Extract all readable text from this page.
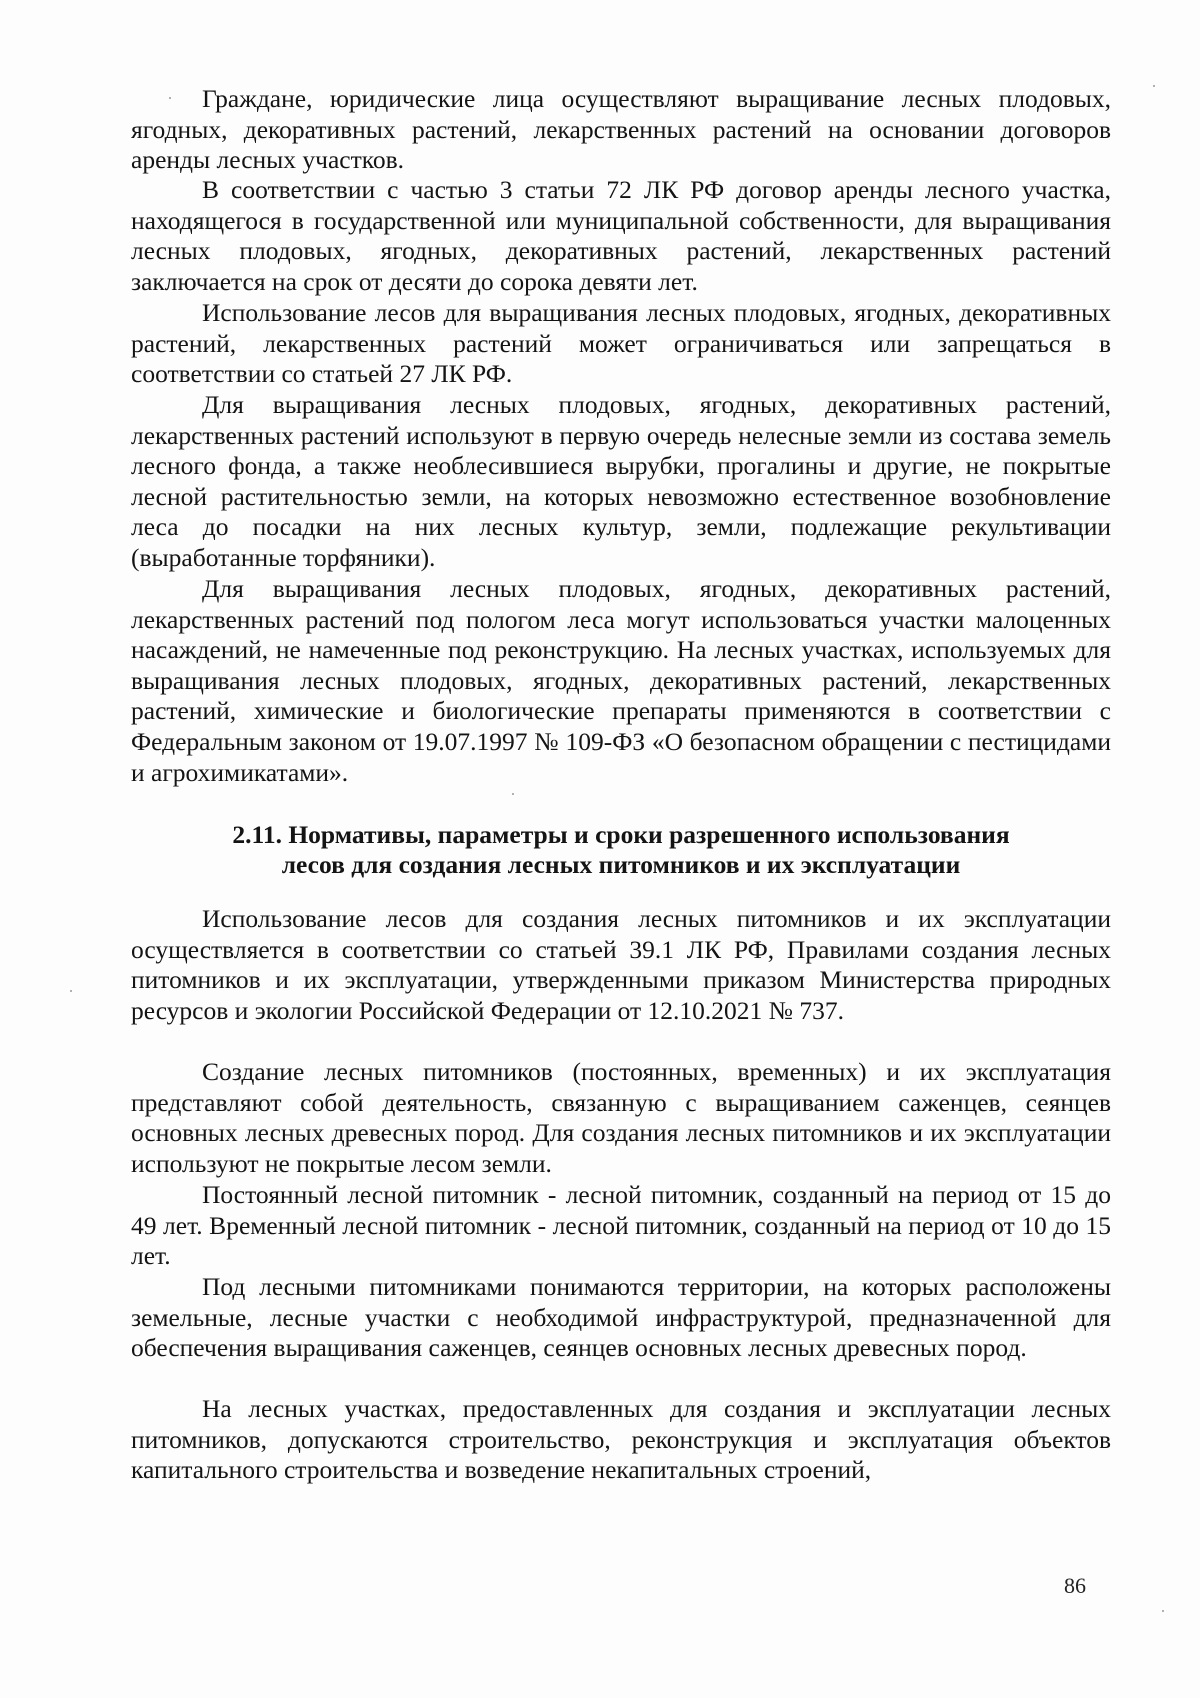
Граждане, юридические лица осуществляют выращивание лесных плодовых, ягодных, декоративных растений, лекарственных растений на основании договоров аренды лесных участков.

В соответствии с частью 3 статьи 72 ЛК РФ договор аренды лесного участка, находящегося в государственной или муниципальной собственности, для выращивания лесных плодовых, ягодных, декоративных растений, лекарственных растений заключается на срок от десяти до сорока девяти лет.

Использование лесов для выращивания лесных плодовых, ягодных, декоративных растений, лекарственных растений может ограничиваться или запрещаться в соответствии со статьей 27 ЛК РФ.

Для выращивания лесных плодовых, ягодных, декоративных растений, лекарственных растений используют в первую очередь нелесные земли из состава земель лесного фонда, а также необлесившиеся вырубки, прогалины и другие, не покрытые лесной растительностью земли, на которых невозможно естественное возобновление леса до посадки на них лесных культур, земли, подлежащие рекультивации (выработанные торфяники).

Для выращивания лесных плодовых, ягодных, декоративных растений, лекарственных растений под пологом леса могут использоваться участки малоценных насаждений, не намеченные под реконструкцию. На лесных участках, используемых для выращивания лесных плодовых, ягодных, декоративных растений, лекарственных растений, химические и биологические препараты применяются в соответствии с Федеральным законом от 19.07.1997 № 109-ФЗ «О безопасном обращении с пестицидами и агрохимикатами».

2.11. Нормативы, параметры и сроки разрешенного использования
лесов для создания лесных питомников и их эксплуатации

Использование лесов для создания лесных питомников и их эксплуатации осуществляется в соответствии со статьей 39.1 ЛК РФ, Правилами создания лесных питомников и их эксплуатации, утвержденными приказом Министерства природных ресурсов и экологии Российской Федерации от 12.10.2021 № 737.

Создание лесных питомников (постоянных, временных) и их эксплуатация представляют собой деятельность, связанную с выращиванием саженцев, сеянцев основных лесных древесных пород. Для создания лесных питомников и их эксплуатации используют не покрытые лесом земли.

Постоянный лесной питомник - лесной питомник, созданный на период от 15 до 49 лет. Временный лесной питомник - лесной питомник, созданный на период от 10 до 15 лет.

Под лесными питомниками понимаются территории, на которых расположены земельные, лесные участки с необходимой инфраструктурой, предназначенной для обеспечения выращивания саженцев, сеянцев основных лесных древесных пород.

На лесных участках, предоставленных для создания и эксплуатации лесных питомников, допускаются строительство, реконструкция и эксплуатация объектов капитального строительства и возведение некапитальных строений,

86
